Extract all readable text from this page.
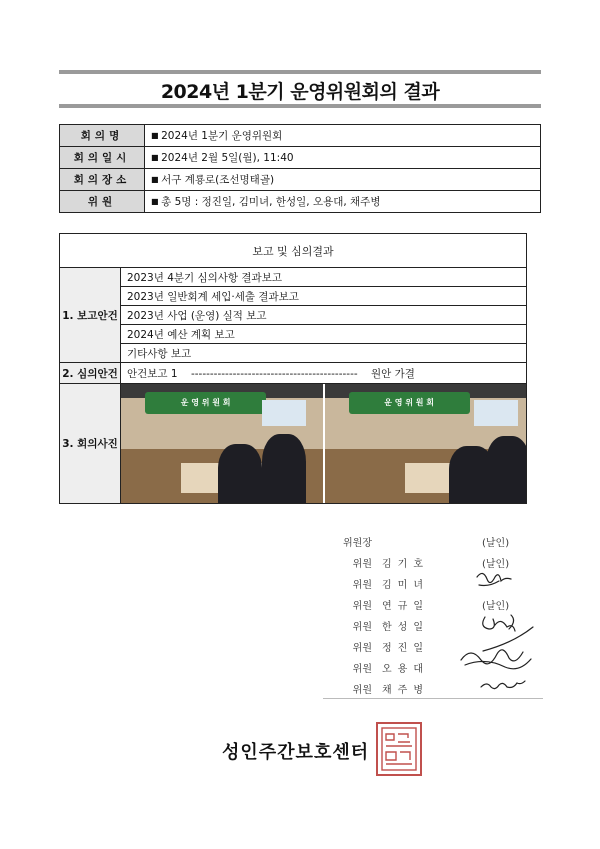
2024년 1분기 운영위원회의 결과
회의명	■ 2024년 1분기 운영위원회
회의일시	■ 2024년 2월 5일(월), 11:40
회의장소	■ 서구 계룡로(조선명태골)
위원	■ 총 5명 : 정진일, 김미녀, 한성일, 오용대, 채주병
보고 및 심의결과	
1. 보고안건	2023년 4분기 심의사항 결과보고
	2023년 일반회계 세입·세출 결과보고
	2023년 사업 (운영) 실적 보고
	2024년 예산 계획 보고
	기타사항 보고
2. 심의안건	안건보고 1    --------------------------------------------    원안 가결
3. 회의사진	운 영 위 원 회 운 영 위 원 회
위원장	(날인)
위원 김기호	(날인)
위원 김미녀
위원 연규일	(날인)
위원 한성일
위원 정진일
위원 오용대
위원 채주병
성인주간보호센터
